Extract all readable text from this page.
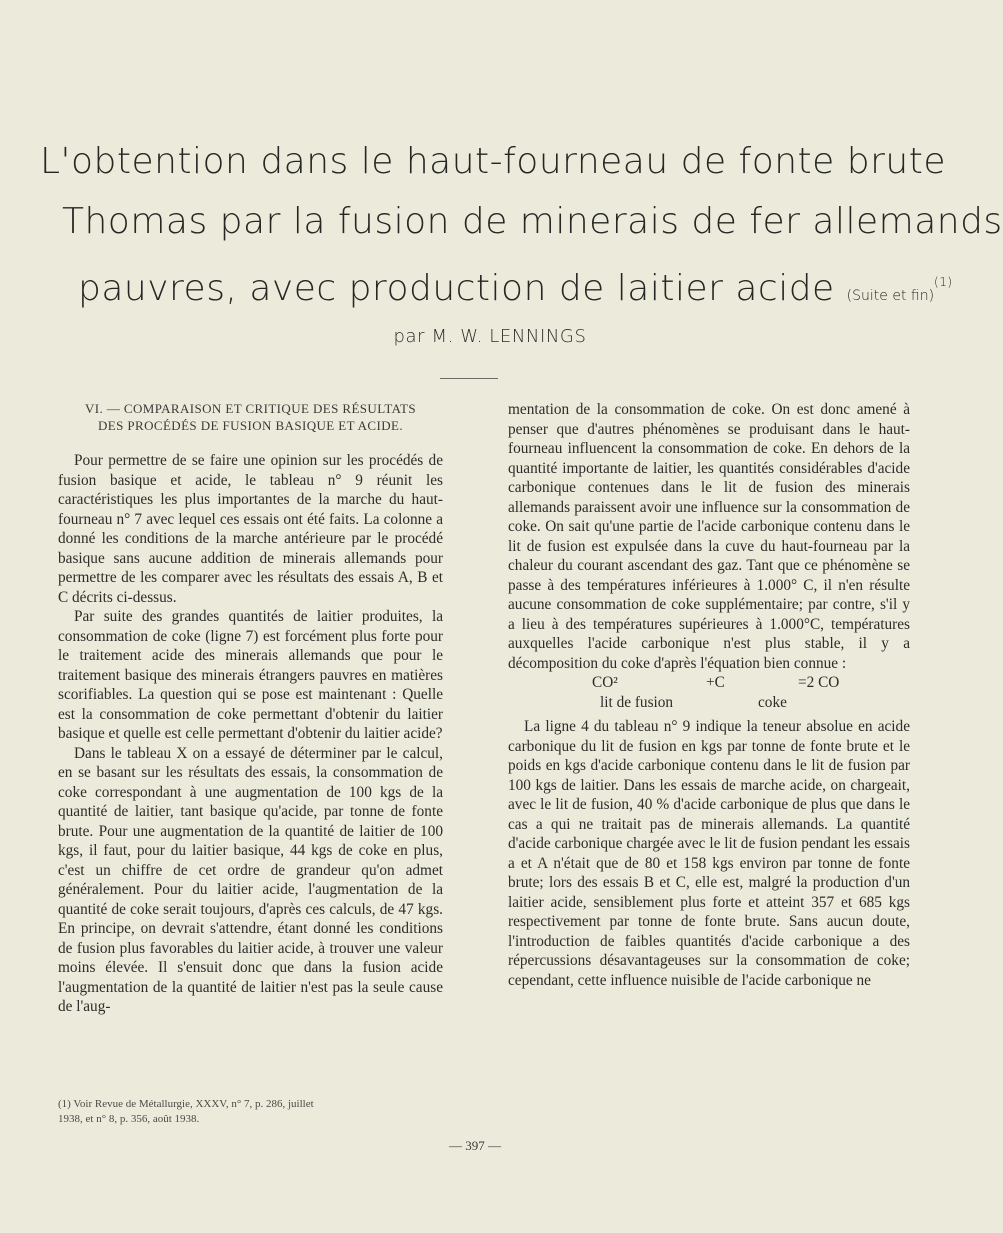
L'obtention dans le haut-fourneau de fonte brute
Thomas par la fusion de minerais de fer allemands
pauvres, avec production de laitier acide (Suite et fin)$^{(1)}$
par M. W. LENNINGS
VI. — COMPARAISON ET CRITIQUE DES RÉSULTATS
DES PROCÉDÉS DE FUSION BASIQUE ET ACIDE.

Pour permettre de se faire une opinion sur les procédés de fusion basique et acide, le tableau n° 9 réunit les caractéristiques les plus importantes de la marche du haut-fourneau n° 7 avec lequel ces essais ont été faits. La colonne a donné les conditions de la marche antérieure par le procédé basique sans aucune addition de minerais allemands pour permettre de les comparer avec les résultats des essais A, B et C décrits ci-dessus.

Par suite des grandes quantités de laitier produites, la consommation de coke (ligne 7) est forcément plus forte pour le traitement acide des minerais allemands que pour le traitement basique des minerais étrangers pauvres en matières scorifiables. La question qui se pose est maintenant : Quelle est la consommation de coke permettant d'obtenir du laitier basique et quelle est celle permettant d'obtenir du laitier acide?

Dans le tableau X on a essayé de déterminer par le calcul, en se basant sur les résultats des essais, la consommation de coke correspondant à une augmentation de 100 kgs de la quantité de laitier, tant basique qu'acide, par tonne de fonte brute. Pour une augmentation de la quantité de laitier de 100 kgs, il faut, pour du laitier basique, 44 kgs de coke en plus, c'est un chiffre de cet ordre de grandeur qu'on admet généralement. Pour du laitier acide, l'augmentation de la quantité de coke serait toujours, d'après ces calculs, de 47 kgs. En principe, on devrait s'attendre, étant donné les conditions de fusion plus favorables du laitier acide, à trouver une valeur moins élevée. Il s'ensuit donc que dans la fusion acide l'augmentation de la quantité de laitier n'est pas la seule cause de l'aug-

mentation de la consommation de coke. On est donc amené à penser que d'autres phénomènes se produisant dans le haut-fourneau influencent la consommation de coke. En dehors de la quantité importante de laitier, les quantités considérables d'acide carbonique contenues dans le lit de fusion des minerais allemands paraissent avoir une influence sur la consommation de coke. On sait qu'une partie de l'acide carbonique contenu dans le lit de fusion est expulsée dans la cuve du haut-fourneau par la chaleur du courant ascendant des gaz. Tant que ce phénomène se passe à des températures inférieures à 1.000° C, il n'en résulte aucune consommation de coke supplémentaire; par contre, s'il y a lieu à des températures supérieures à 1.000°C, températures auxquelles l'acide carbonique n'est plus stable, il y a décomposition du coke d'après l'équation bien connue :

CO²	+C	=2 CO
lit de fusion	coke

La ligne 4 du tableau n° 9 indique la teneur absolue en acide carbonique du lit de fusion en kgs par tonne de fonte brute et le poids en kgs d'acide carbonique contenu dans le lit de fusion par 100 kgs de laitier. Dans les essais de marche acide, on chargeait, avec le lit de fusion, 40 % d'acide carbonique de plus que dans le cas a qui ne traitait pas de minerais allemands. La quantité d'acide carbonique chargée avec le lit de fusion pendant les essais a et A n'était que de 80 et 158 kgs environ par tonne de fonte brute; lors des essais B et C, elle est, malgré la production d'un laitier acide, sensiblement plus forte et atteint 357 et 685 kgs respectivement par tonne de fonte brute. Sans aucun doute, l'introduction de faibles quantités d'acide carbonique a des répercussions désavantageuses sur la consommation de coke; cependant, cette influence nuisible de l'acide carbonique ne

(1) Voir Revue de Métallurgie, XXXV, n° 7, p. 286, juillet
1938, et n° 8, p. 356, août 1938.
— 397 —
